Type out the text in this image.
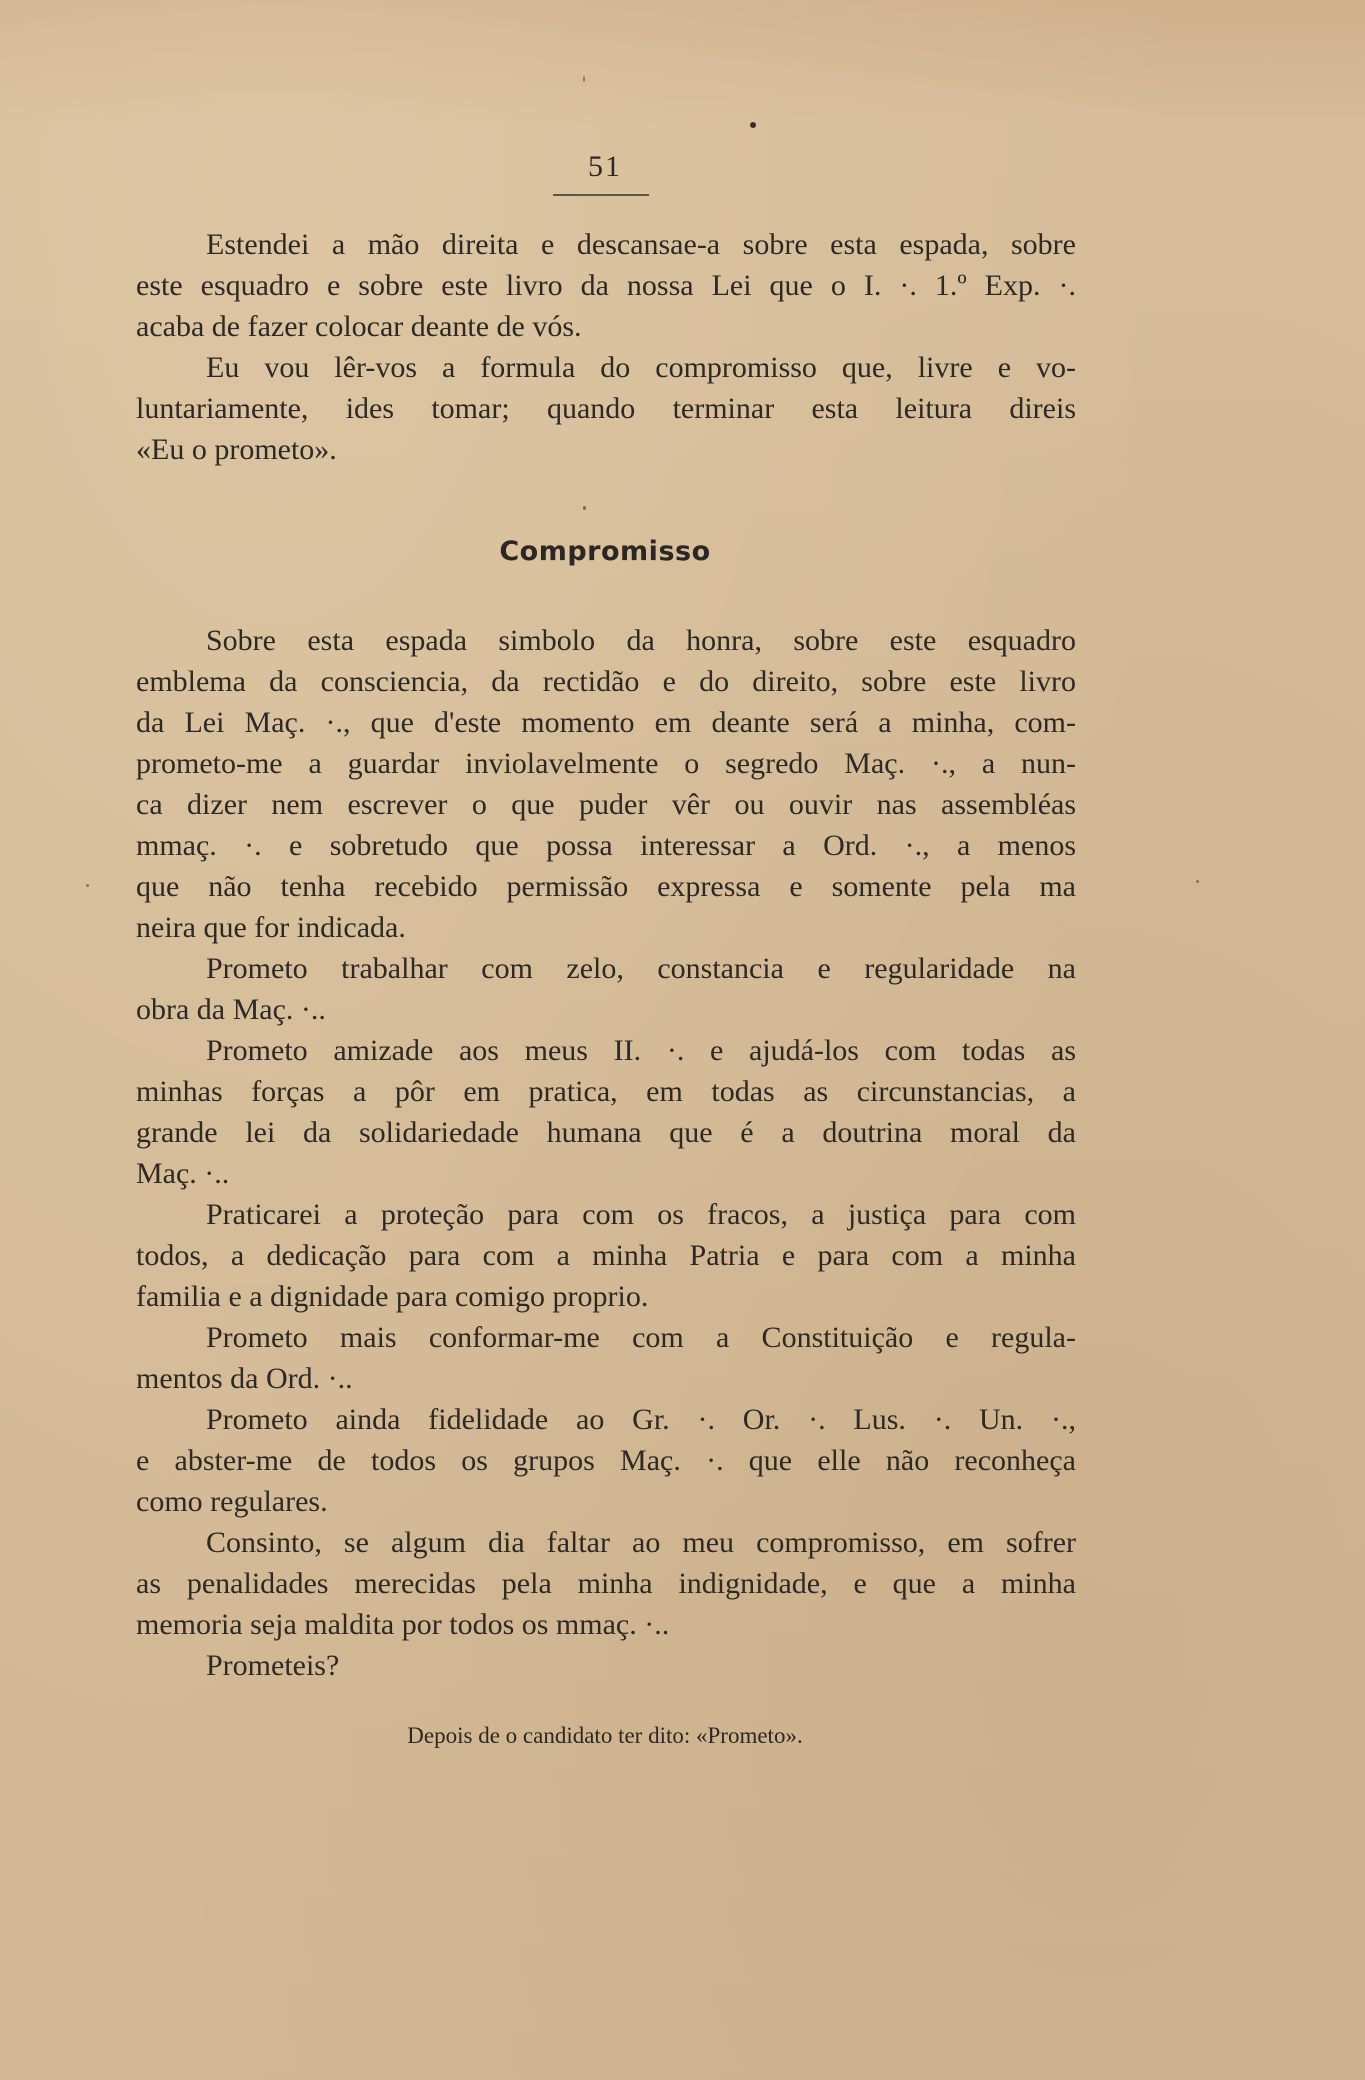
51
Estendei a mão direita e descansae-a sobre esta espada, sobre
este esquadro e sobre este livro da nossa Lei que o I. ·. 1.º Exp. ·.
acaba de fazer colocar deante de vós.
Eu vou lêr-vos a formula do compromisso que, livre e vo-
luntariamente, ides tomar; quando terminar esta leitura direis
«Eu o prometo».
Compromisso
Sobre esta espada simbolo da honra, sobre este esquadro
emblema da consciencia, da rectidão e do direito, sobre este livro
da Lei Maç. ·., que d'este momento em deante será a minha, com-
prometo-me a guardar inviolavelmente o segredo Maç. ·., a nun-
ca dizer nem escrever o que puder vêr ou ouvir nas assembléas
mmaç. ·. e sobretudo que possa interessar a Ord. ·., a menos
que não tenha recebido permissão expressa e somente pela ma
neira que for indicada.
Prometo trabalhar com zelo, constancia e regularidade na
obra da Maç. ·..
Prometo amizade aos meus II. ·. e ajudá-los com todas as
minhas forças a pôr em pratica, em todas as circunstancias, a
grande lei da solidariedade humana que é a doutrina moral da
Maç. ·..
Praticarei a proteção para com os fracos, a justiça para com
todos, a dedicação para com a minha Patria e para com a minha
familia e a dignidade para comigo proprio.
Prometo mais conformar-me com a Constituição e regula-
mentos da Ord. ·..
Prometo ainda fidelidade ao Gr. ·. Or. ·. Lus. ·. Un. ·.,
e abster-me de todos os grupos Maç. ·. que elle não reconheça
como regulares.
Consinto, se algum dia faltar ao meu compromisso, em sofrer
as penalidades merecidas pela minha indignidade, e que a minha
memoria seja maldita por todos os mmaç. ·..
Prometeis?
Depois de o candidato ter dito: «Prometo».
